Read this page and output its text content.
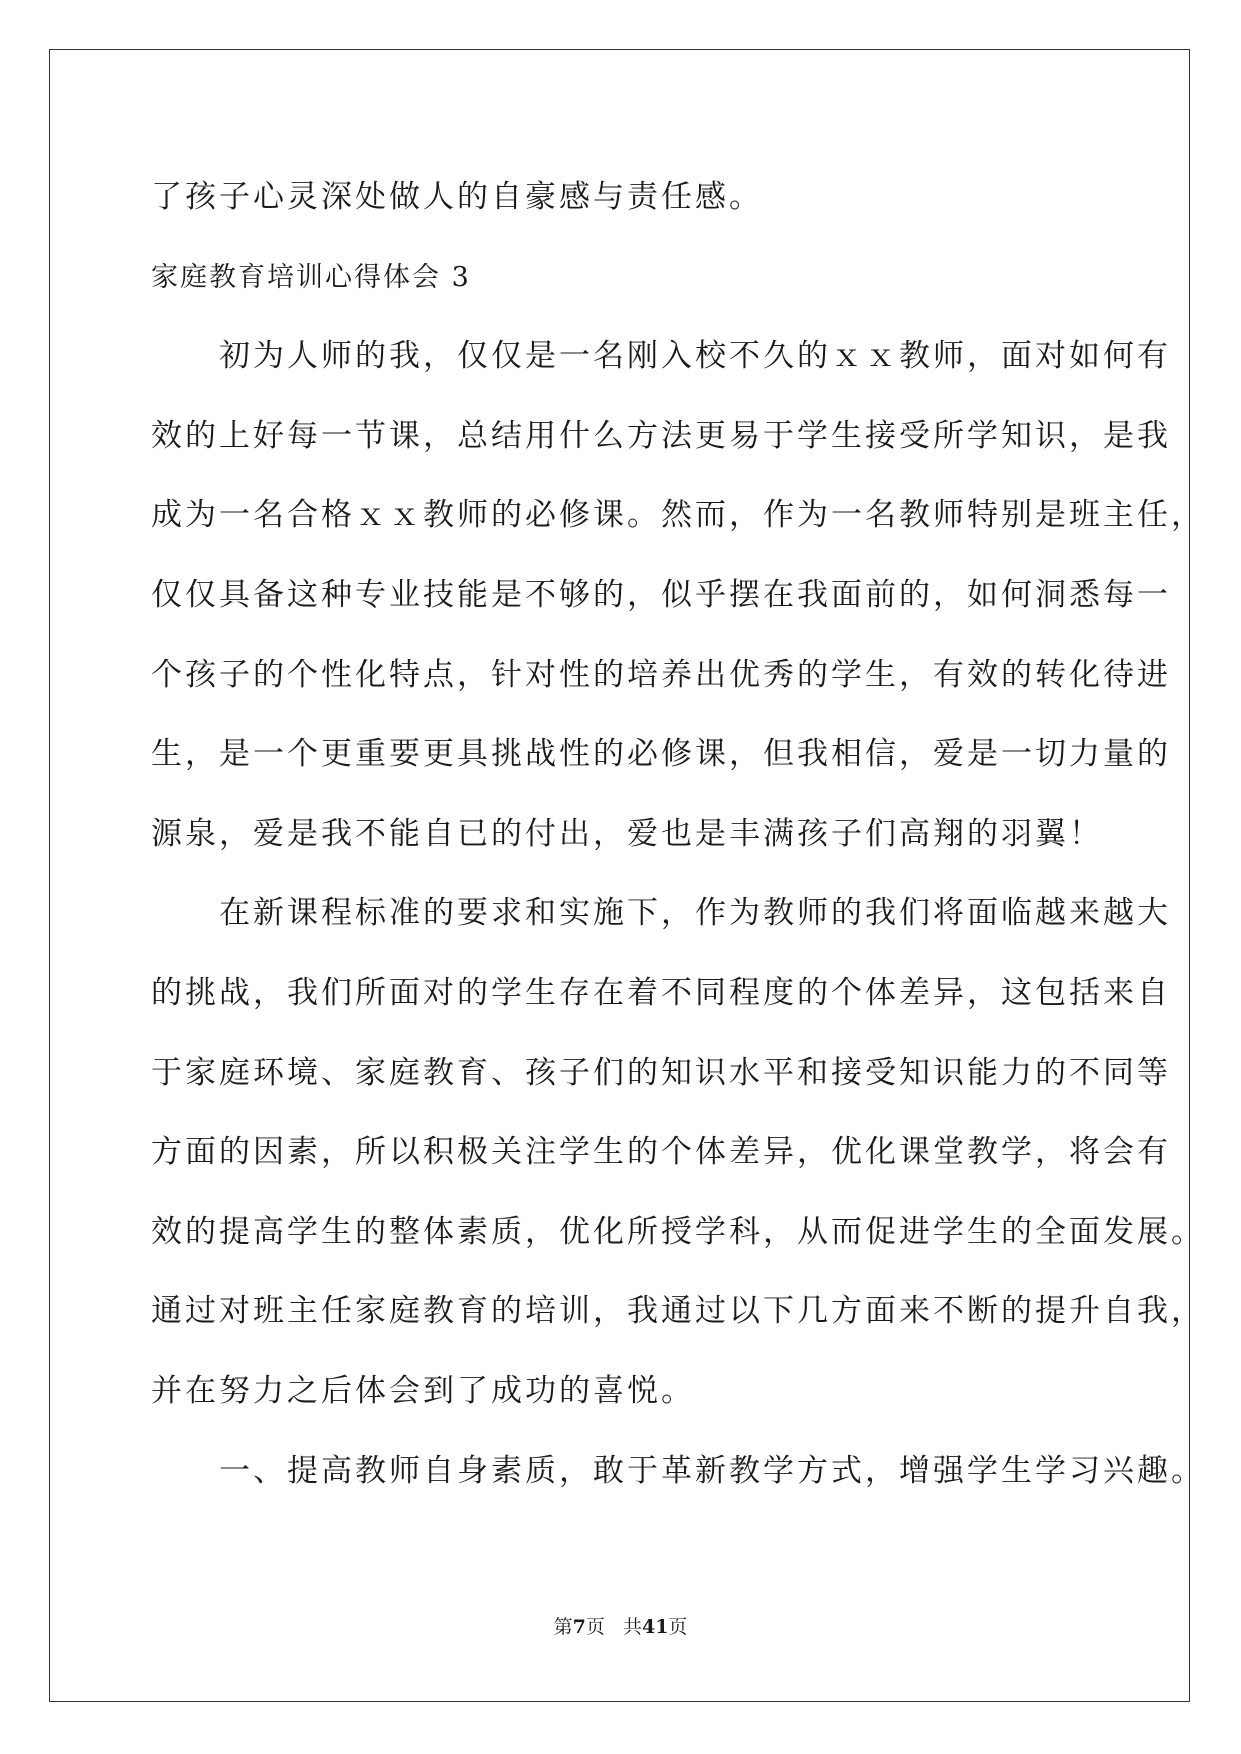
了孩子心灵深处做人的自豪感与责任感。
家庭教育培训心得体会 3
　　初为人师的我，仅仅是一名刚入校不久的ｘｘ教师，面对如何有
效的上好每一节课，总结用什么方法更易于学生接受所学知识，是我
成为一名合格ｘｘ教师的必修课。然而，作为一名教师特别是班主任，
仅仅具备这种专业技能是不够的，似乎摆在我面前的，如何洞悉每一
个孩子的个性化特点，针对性的培养出优秀的学生，有效的转化待进
生，是一个更重要更具挑战性的必修课，但我相信，爱是一切力量的
源泉，爱是我不能自已的付出，爱也是丰满孩子们高翔的羽翼！
　　在新课程标准的要求和实施下，作为教师的我们将面临越来越大
的挑战，我们所面对的学生存在着不同程度的个体差异，这包括来自
于家庭环境、家庭教育、孩子们的知识水平和接受知识能力的不同等
方面的因素，所以积极关注学生的个体差异，优化课堂教学，将会有
效的提高学生的整体素质，优化所授学科，从而促进学生的全面发展。
通过对班主任家庭教育的培训，我通过以下几方面来不断的提升自我，
并在努力之后体会到了成功的喜悦。
　　一、提高教师自身素质，敢于革新教学方式，增强学生学习兴趣。
第7页 共41页
